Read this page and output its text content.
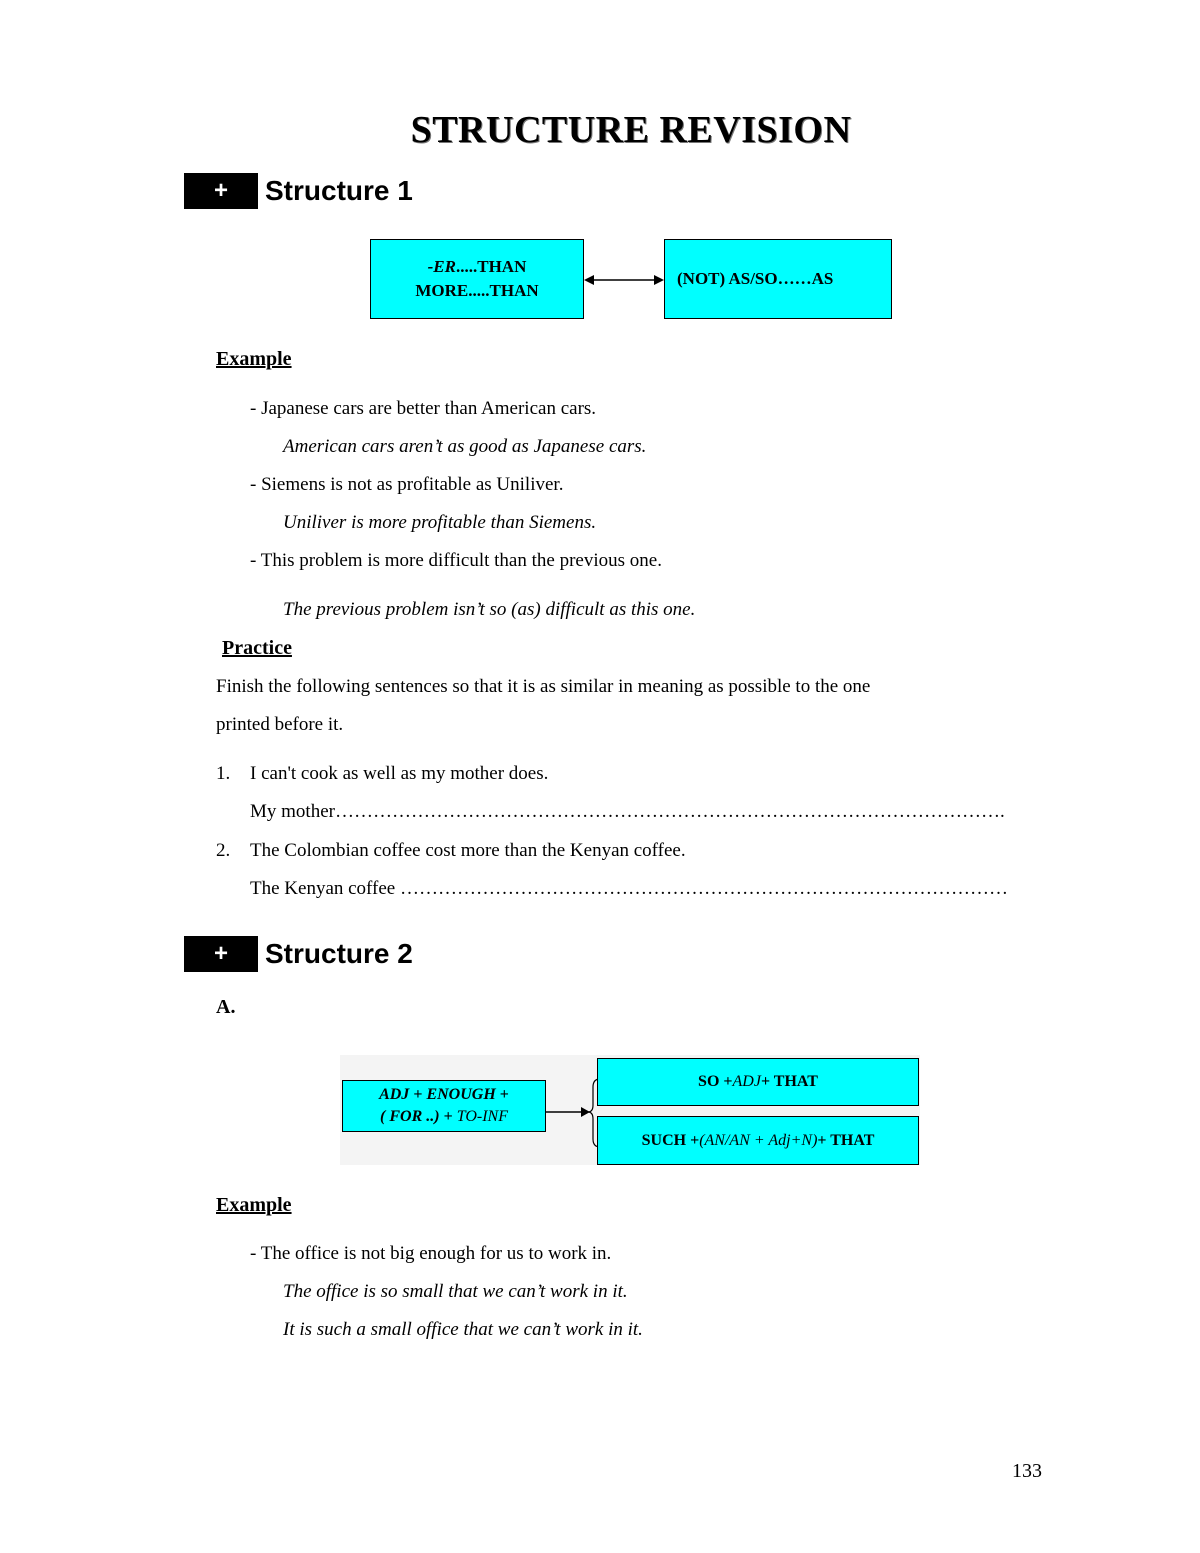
STRUCTURE REVISION
+	Structure 1
-ER.....THAN
MORE.....THAN
(NOT) AS/SO……AS
Example
- Japanese cars are better than American cars.
American cars aren’t as good as Japanese cars.
- Siemens is not as profitable as Uniliver.
Uniliver is more profitable than Siemens.
- This problem is more difficult than the previous one.
The previous problem isn’t so (as) difficult as this one.
Practice
Finish the following sentences so that it is as similar in meaning as possible to the one
printed before it.
1. I can't cook as well as my mother does.
My mother…………………………………………………………………………………………….
2. The Colombian coffee cost more than the Kenyan coffee.
The Kenyan coffee ……………………………………………………………………………………
+	Structure 2
A.
ADJ + ENOUGH +
( FOR ..) + TO-INF
SO + ADJ + THAT
SUCH + (AN/AN + Adj+N) + THAT
Example
- The office is not big enough for us to work in.
The office is so small that we can’t work in it.
It is such a small office that we can’t work in it.
133
